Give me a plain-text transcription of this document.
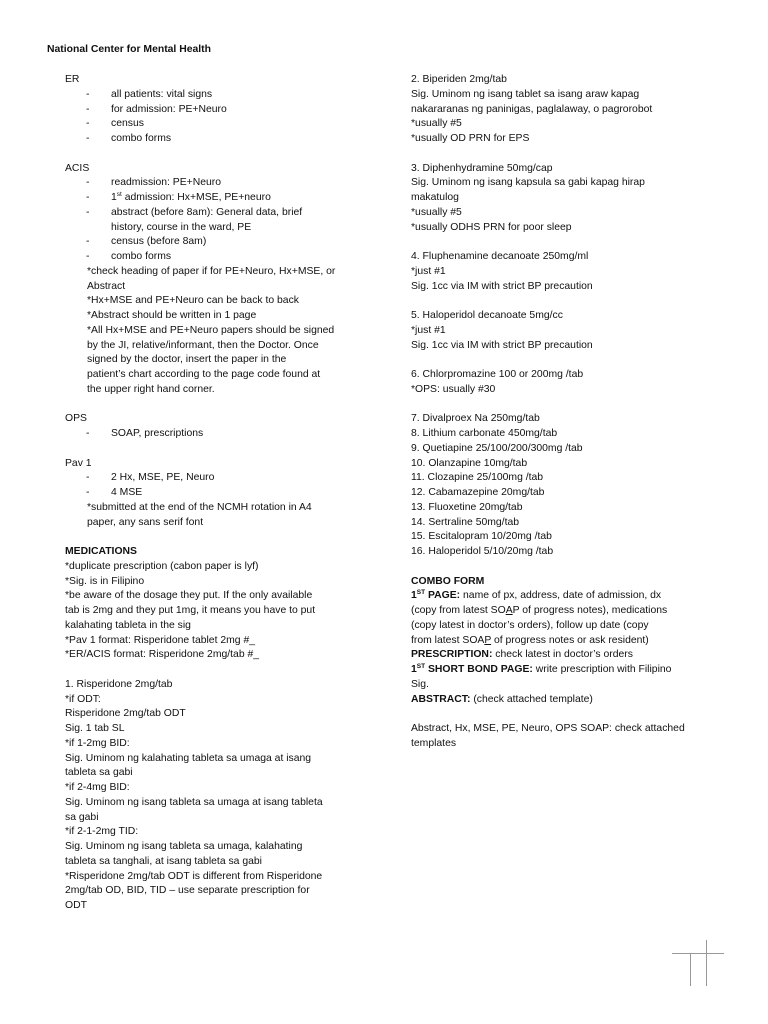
National Center for Mental Health
ER
- all patients: vital signs
- for admission: PE+Neuro
- census
- combo forms
ACIS
- readmission: PE+Neuro
- 1st admission: Hx+MSE, PE+neuro
- abstract (before 8am): General data, brief
history, course in the ward, PE
- census (before 8am)
- combo forms
*check heading of paper if for PE+Neuro, Hx+MSE, or
Abstract
*Hx+MSE and PE+Neuro can be back to back
*Abstract should be written in 1 page
*All Hx+MSE and PE+Neuro papers should be signed
by the JI, relative/informant, then the Doctor. Once
signed by the doctor, insert the paper in the
patient’s chart according to the page code found at
the upper right hand corner.
OPS
- SOAP, prescriptions
Pav 1
- 2 Hx, MSE, PE, Neuro
- 4 MSE
*submitted at the end of the NCMH rotation in A4
paper, any sans serif font
MEDICATIONS
*duplicate prescription (cabon paper is lyf)
*Sig. is in Filipino
*be aware of the dosage they put. If the only available
tab is 2mg and they put 1mg, it means you have to put
kalahating tableta in the sig
*Pav 1 format: Risperidone tablet 2mg #_
*ER/ACIS format: Risperidone 2mg/tab #_
1. Risperidone 2mg/tab
*if ODT:
Risperidone 2mg/tab ODT
Sig. 1 tab SL
*if 1-2mg BID:
Sig. Uminom ng kalahating tableta sa umaga at isang
tableta sa gabi
*if 2-4mg BID:
Sig. Uminom ng isang tableta sa umaga at isang tableta
sa gabi
*if 2-1-2mg TID:
Sig. Uminom ng isang tableta sa umaga, kalahating
tableta sa tanghali, at isang tableta sa gabi
*Risperidone 2mg/tab ODT is different from Risperidone
2mg/tab OD, BID, TID – use separate prescription for
ODT
2. Biperiden 2mg/tab
Sig. Uminom ng isang tablet sa isang araw kapag
nakararanas ng paninigas, paglalaway, o pagrorobot
*usually #5
*usually OD PRN for EPS
3. Diphenhydramine 50mg/cap
Sig. Uminom ng isang kapsula sa gabi kapag hirap
makatulog
*usually #5
*usually ODHS PRN for poor sleep
4. Fluphenamine decanoate 250mg/ml
*just #1
Sig. 1cc via IM with strict BP precaution
5. Haloperidol decanoate 5mg/cc
*just #1
Sig. 1cc via IM with strict BP precaution
6. Chlorpromazine 100 or 200mg /tab
*OPS: usually #30
7. Divalproex Na 250mg/tab
8. Lithium carbonate 450mg/tab
9. Quetiapine 25/100/200/300mg /tab
10. Olanzapine 10mg/tab
11. Clozapine 25/100mg /tab
12. Cabamazepine 20mg/tab
13. Fluoxetine 20mg/tab
14. Sertraline 50mg/tab
15. Escitalopram 10/20mg /tab
16. Haloperidol 5/10/20mg /tab
COMBO FORM
1ST PAGE: name of px, address, date of admission, dx
(copy from latest SOAP of progress notes), medications
(copy latest in doctor’s orders), follow up date (copy
from latest SOAP of progress notes or ask resident)
PRESCRIPTION: check latest in doctor’s orders
1ST SHORT BOND PAGE: write prescription with Filipino
Sig.
ABSTRACT: (check attached template)
Abstract, Hx, MSE, PE, Neuro, OPS SOAP: check attached
templates
